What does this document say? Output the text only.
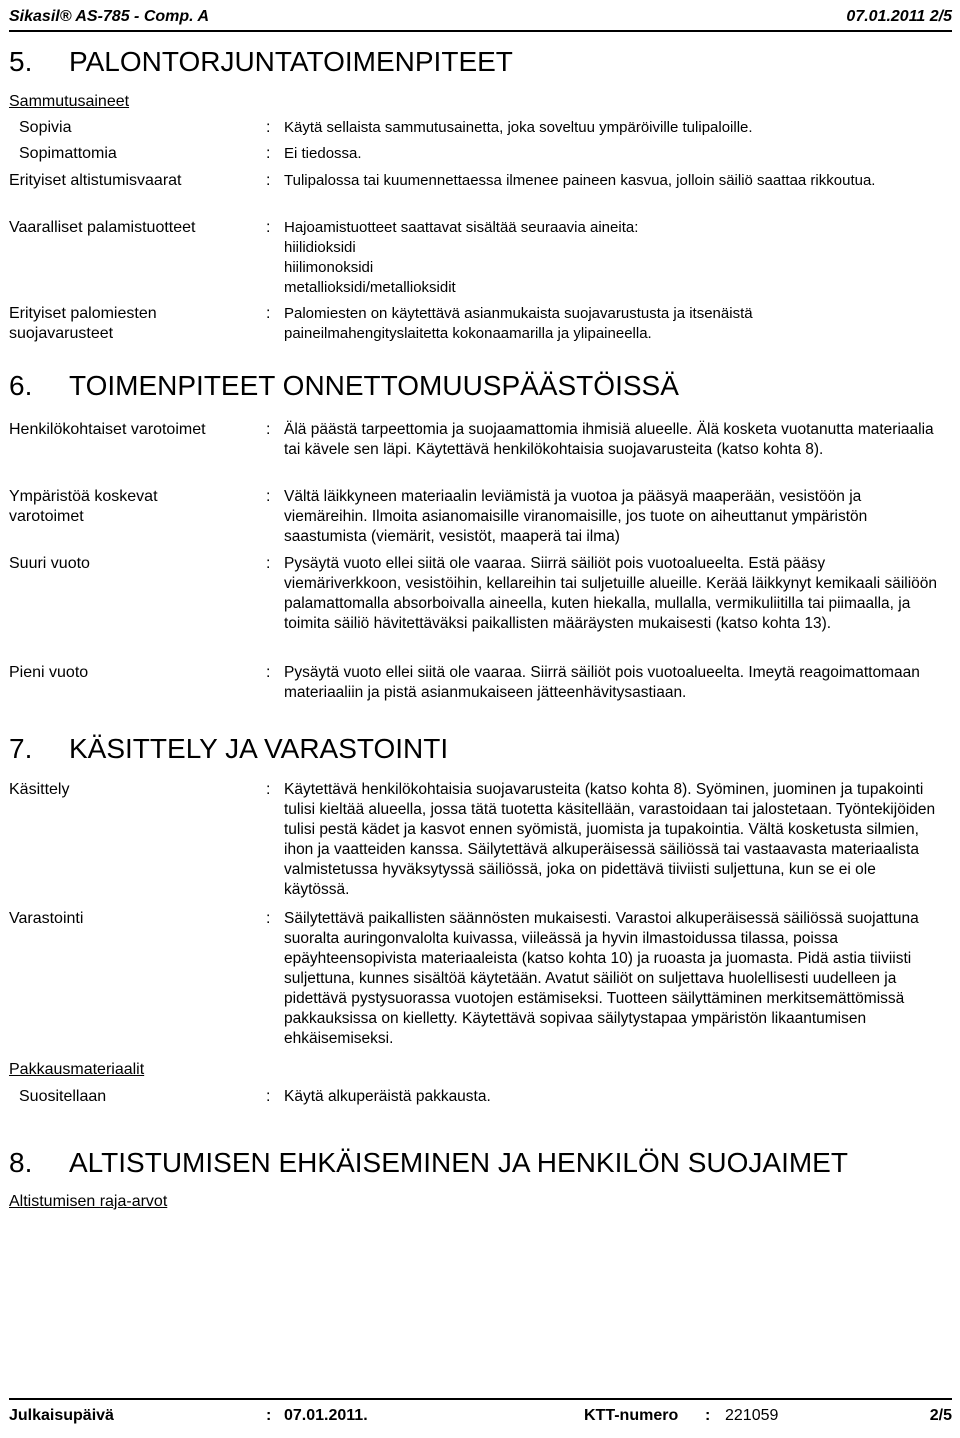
Sikasil® AS-785 - Comp. A	07.01.2011 2/5
5. PALONTORJUNTATOIMENPITEET
Sammutusaineet
Sopivia	: Käytä sellaista sammutusainetta, joka soveltuu ympäröiville tulipaloille.
Sopimattomia	: Ei tiedossa.
Erityiset altistumisvaarat	: Tulipalossa tai kuumennettaessa ilmenee paineen kasvua, jolloin säiliö saattaa rikkoutua.
Vaaralliset palamistuotteet	: Hajoamistuotteet saattavat sisältää seuraavia aineita:
hiilidioksidi
hiilimonoksidi
metallioksidi/metallioksidit
Erityiset palomiesten suojavarusteet
: Palomiesten on käytettävä asianmukaista suojavarustusta ja itsenäistä paineilmahengityslaitetta kokonaamarilla ja ylipaineella.
6. TOIMENPITEET ONNETTOMUUSPÄÄSTÖISSÄ
Henkilökohtaiset varotoimet	: Älä päästä tarpeettomia ja suojaamattomia ihmisiä alueelle. Älä kosketa vuotanutta materiaalia tai kävele sen läpi. Käytettävä henkilökohtaisia suojavarusteita (katso kohta 8).
Ympäristöä koskevat varotoimet
: Vältä läikkyneen materiaalin leviämistä ja vuotoa ja pääsyä maaperään, vesistöön ja viemäreihin. Ilmoita asianomaisille viranomaisille, jos tuote on aiheuttanut ympäristön saastumista (viemärit, vesistöt, maaperä tai ilma)
Suuri vuoto	: Pysäytä vuoto ellei siitä ole vaaraa. Siirrä säiliöt pois vuotoalueelta. Estä pääsy viemäriverkkoon, vesistöihin, kellareihin tai suljetuille alueille. Kerää läikkynyt kemikaali säiliöön palamattomalla absorboivalla aineella, kuten hiekalla, mullalla, vermikuliitilla tai piimaalla, ja toimita säiliö hävitettäväksi paikallisten määräysten mukaisesti (katso kohta 13).
Pieni vuoto	: Pysäytä vuoto ellei siitä ole vaaraa. Siirrä säiliöt pois vuotoalueelta. Imeytä reagoimattomaan materiaaliin ja pistä asianmukaiseen jätteenhävitysastiaan.
7. KÄSITTELY JA VARASTOINTI
Käsittely	: Käytettävä henkilökohtaisia suojavarusteita (katso kohta 8). Syöminen, juominen ja tupakointi tulisi kieltää alueella, jossa tätä tuotetta käsitellään, varastoidaan tai jalostetaan. Työntekijöiden tulisi pestä kädet ja kasvot ennen syömistä, juomista ja tupakointia. Vältä kosketusta silmien, ihon ja vaatteiden kanssa. Säilytettävä alkuperäisessä säiliössä tai vastaavasta materiaalista valmistetussa hyväksytyssä säiliössä, joka on pidettävä tiiviisti suljettuna, kun se ei ole käytössä.
Varastointi	: Säilytettävä paikallisten säännösten mukaisesti. Varastoi alkuperäisessä säiliössä suojattuna suoralta auringonvalolta kuivassa, viileässä ja hyvin ilmastoidussa tilassa, poissa epäyhteensopivista materiaaleista (katso kohta 10) ja ruoasta ja juomasta. Pidä astia tiiviisti suljettuna, kunnes sisältöä käytetään. Avatut säiliöt on suljettava huolellisesti uudelleen ja pidettävä pystysuorassa vuotojen estämiseksi. Tuotteen säilyttäminen merkitsemättömissä pakkauksissa on kielletty. Käytettävä sopivaa säilytystapaa ympäristön likaantumisen ehkäisemiseksi.
Pakkausmateriaalit
Suositellaan	: Käytä alkuperäistä pakkausta.
8. ALTISTUMISEN EHKÄISEMINEN JA HENKILÖN SUOJAIMET
Altistumisen raja-arvot
Julkaisupäivä	: 07.01.2011.	KTT-numero : 221059	2/5
